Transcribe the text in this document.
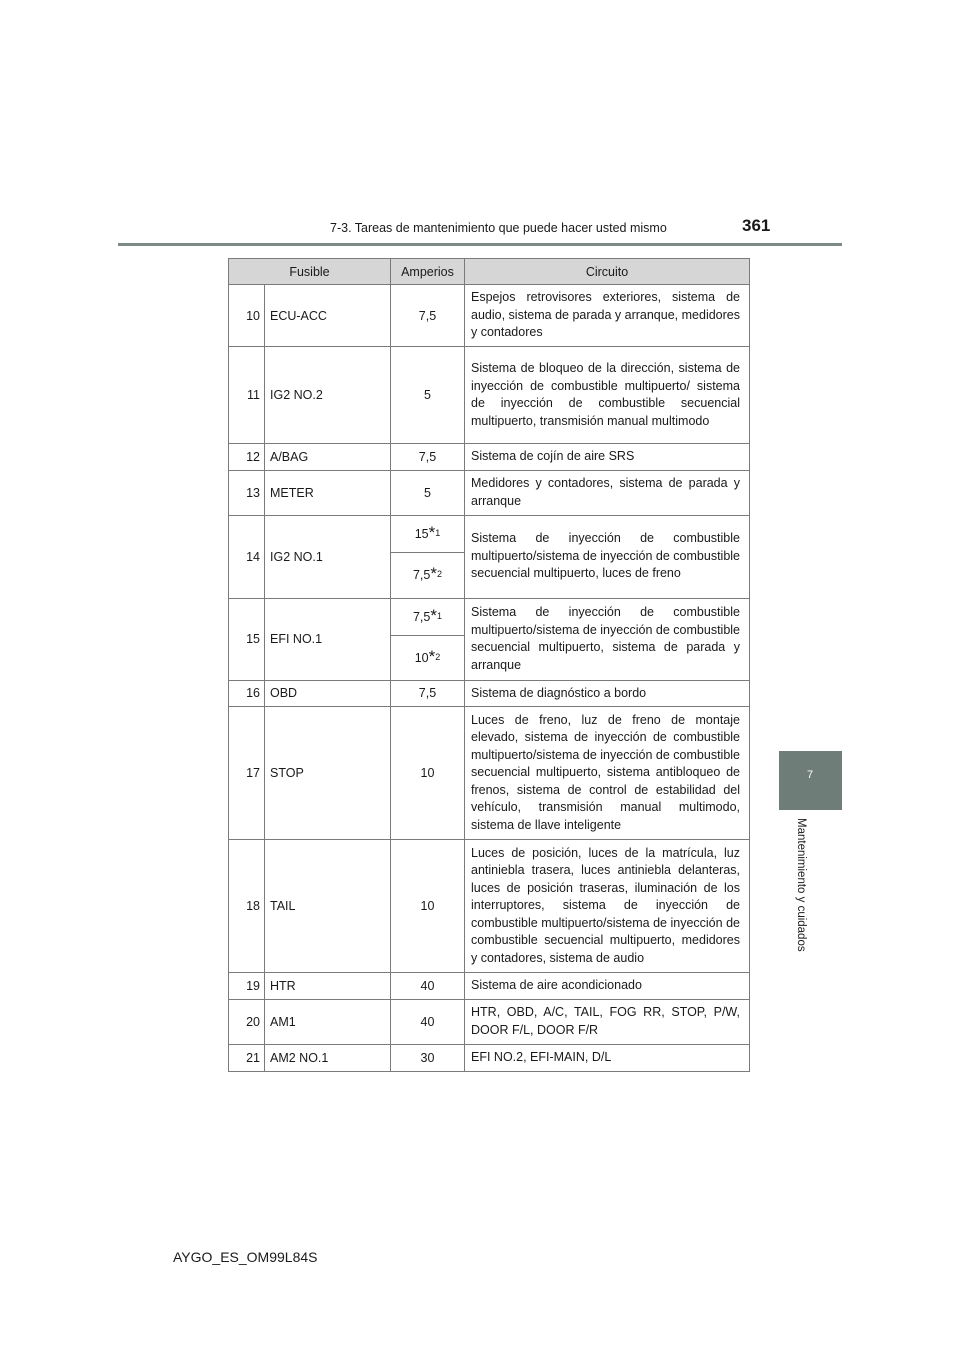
7-3. Tareas de mantenimiento que puede hacer usted mismo	361
7
Mantenimiento y cuidados
Fusible		Amperios	Circuito
10	ECU-ACC	7,5	Espejos retrovisores exteriores, sistema de audio, sistema de parada y arranque, medidores y contadores
11	IG2 NO.2	5	Sistema de bloqueo de la dirección, sistema de inyección de combustible multipuerto/ sistema de inyección de combustible secuencial multipuerto, transmisión manual multimodo
12	A/BAG	7,5	Sistema de cojín de aire SRS
13	METER	5	Medidores y contadores, sistema de parada y arranque
14	IG2 NO.1	15*$^1$	Sistema de inyección de combustible multipuerto/sistema de inyección de combustible secuencial multipuerto, luces de freno
		7,5*$^2$
15	EFI NO.1	7,5*$^1$	Sistema de inyección de combustible multipuerto/sistema de inyección de combustible secuencial multipuerto, sistema de parada y arranque
		10*$^2$
16	OBD	7,5	Sistema de diagnóstico a bordo
17	STOP	10	Luces de freno, luz de freno de montaje elevado, sistema de inyección de combustible multipuerto/sistema de inyección de combustible secuencial multipuerto, sistema antibloqueo de frenos, sistema de control de estabilidad del vehículo, transmisión manual multimodo, sistema de llave inteligente
18	TAIL	10	Luces de posición, luces de la matrícula, luz antiniebla trasera, luces antiniebla delanteras, luces de posición traseras, iluminación de los interruptores, sistema de inyección de combustible multipuerto/sistema de inyección de combustible secuencial multipuerto, medidores y contadores, sistema de audio
19	HTR	40	Sistema de aire acondicionado
20	AM1	40	HTR, OBD, A/C, TAIL, FOG RR, STOP, P/W, DOOR F/L, DOOR F/R
21	AM2 NO.1	30	EFI NO.2, EFI-MAIN, D/L
AYGO_ES_OM99L84S
